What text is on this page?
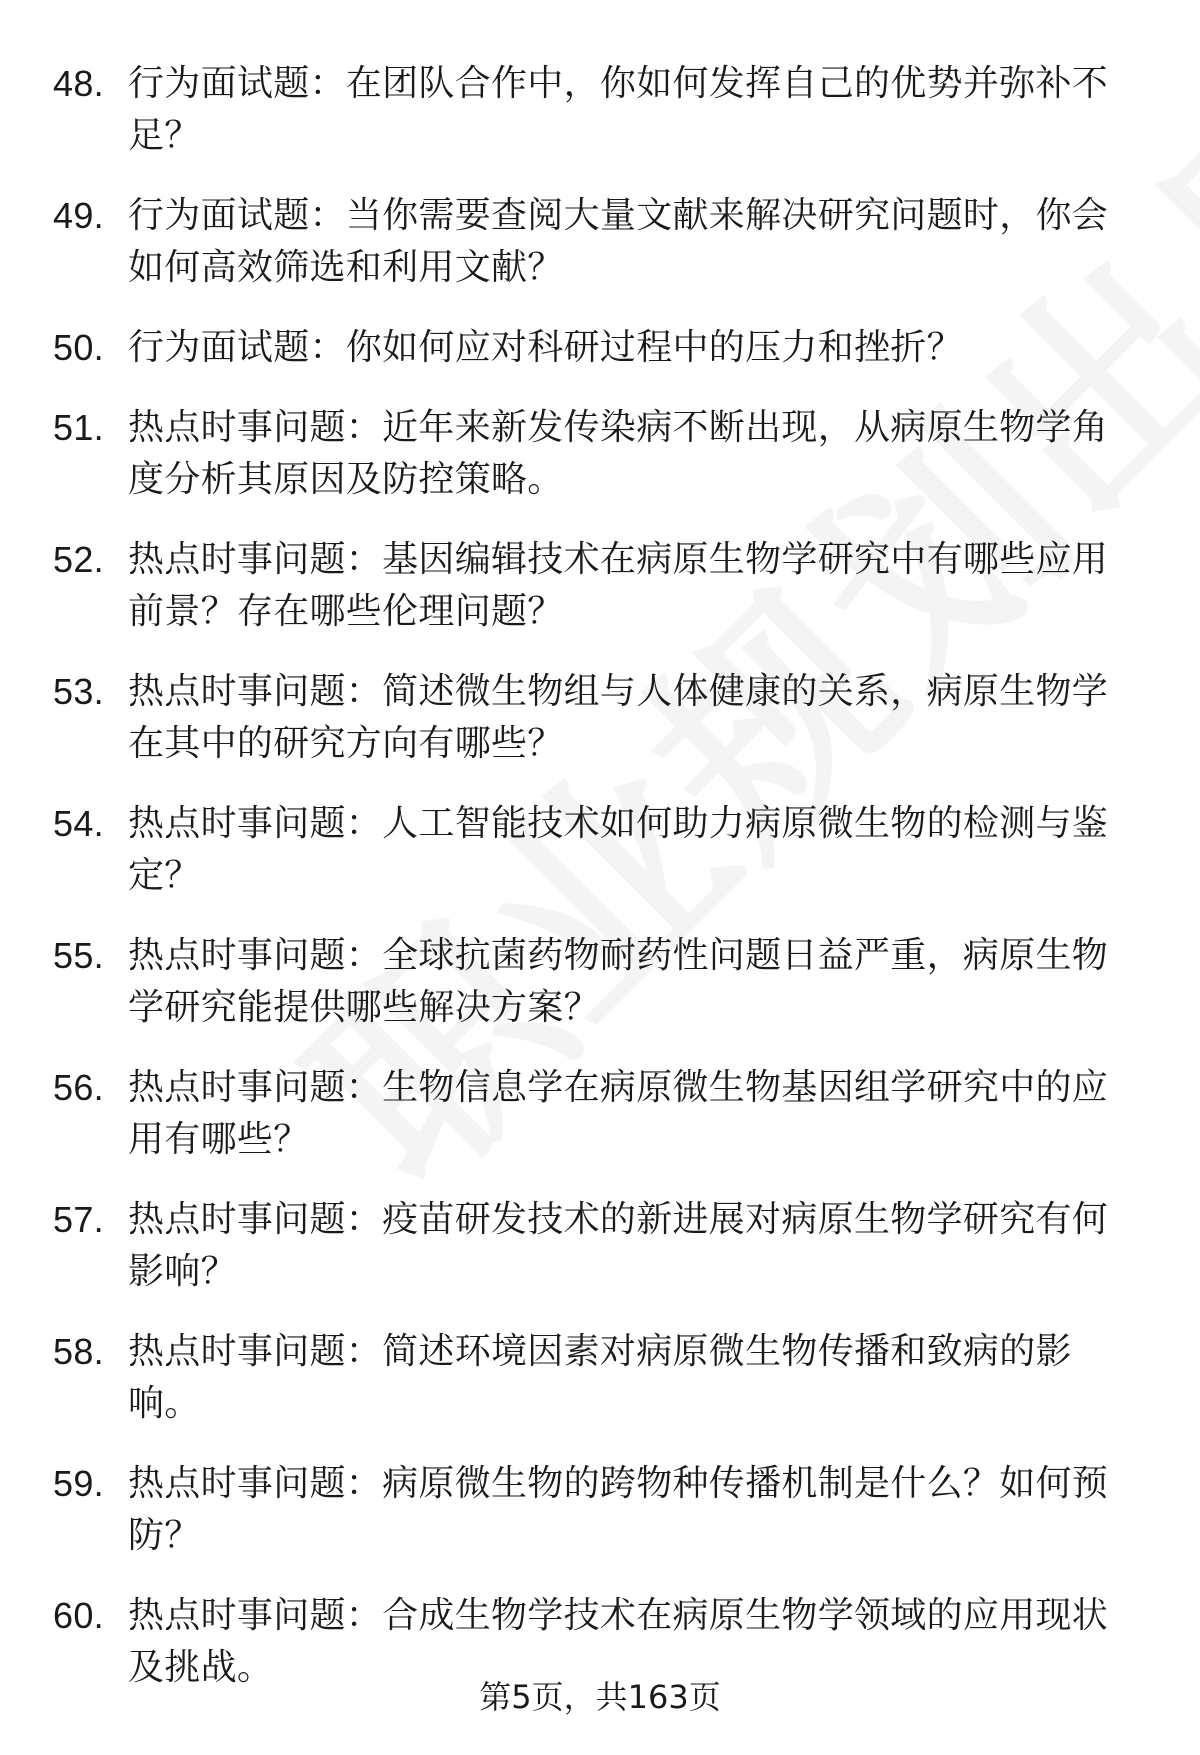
48. 行为面试题：在团队合作中，你如何发挥自己的优势并弥补不足？
49. 行为面试题：当你需要查阅大量文献来解决研究问题时，你会如何高效筛选和利用文献？
50. 行为面试题：你如何应对科研过程中的压力和挫折？
51. 热点时事问题：近年来新发传染病不断出现，从病原生物学角度分析其原因及防控策略。
52. 热点时事问题：基因编辑技术在病原生物学研究中有哪些应用前景？存在哪些伦理问题？
53. 热点时事问题：简述微生物组与人体健康的关系，病原生物学在其中的研究方向有哪些？
54. 热点时事问题：人工智能技术如何助力病原微生物的检测与鉴定？
55. 热点时事问题：全球抗菌药物耐药性问题日益严重，病原生物学研究能提供哪些解决方案？
56. 热点时事问题：生物信息学在病原微生物基因组学研究中的应用有哪些？
57. 热点时事问题：疫苗研发技术的新进展对病原生物学研究有何影响？
58. 热点时事问题：简述环境因素对病原微生物传播和致病的影响。
59. 热点时事问题：病原微生物的跨物种传播机制是什么？如何预防？
60. 热点时事问题：合成生物学技术在病原生物学领域的应用现状及挑战。
第5页，共163页
